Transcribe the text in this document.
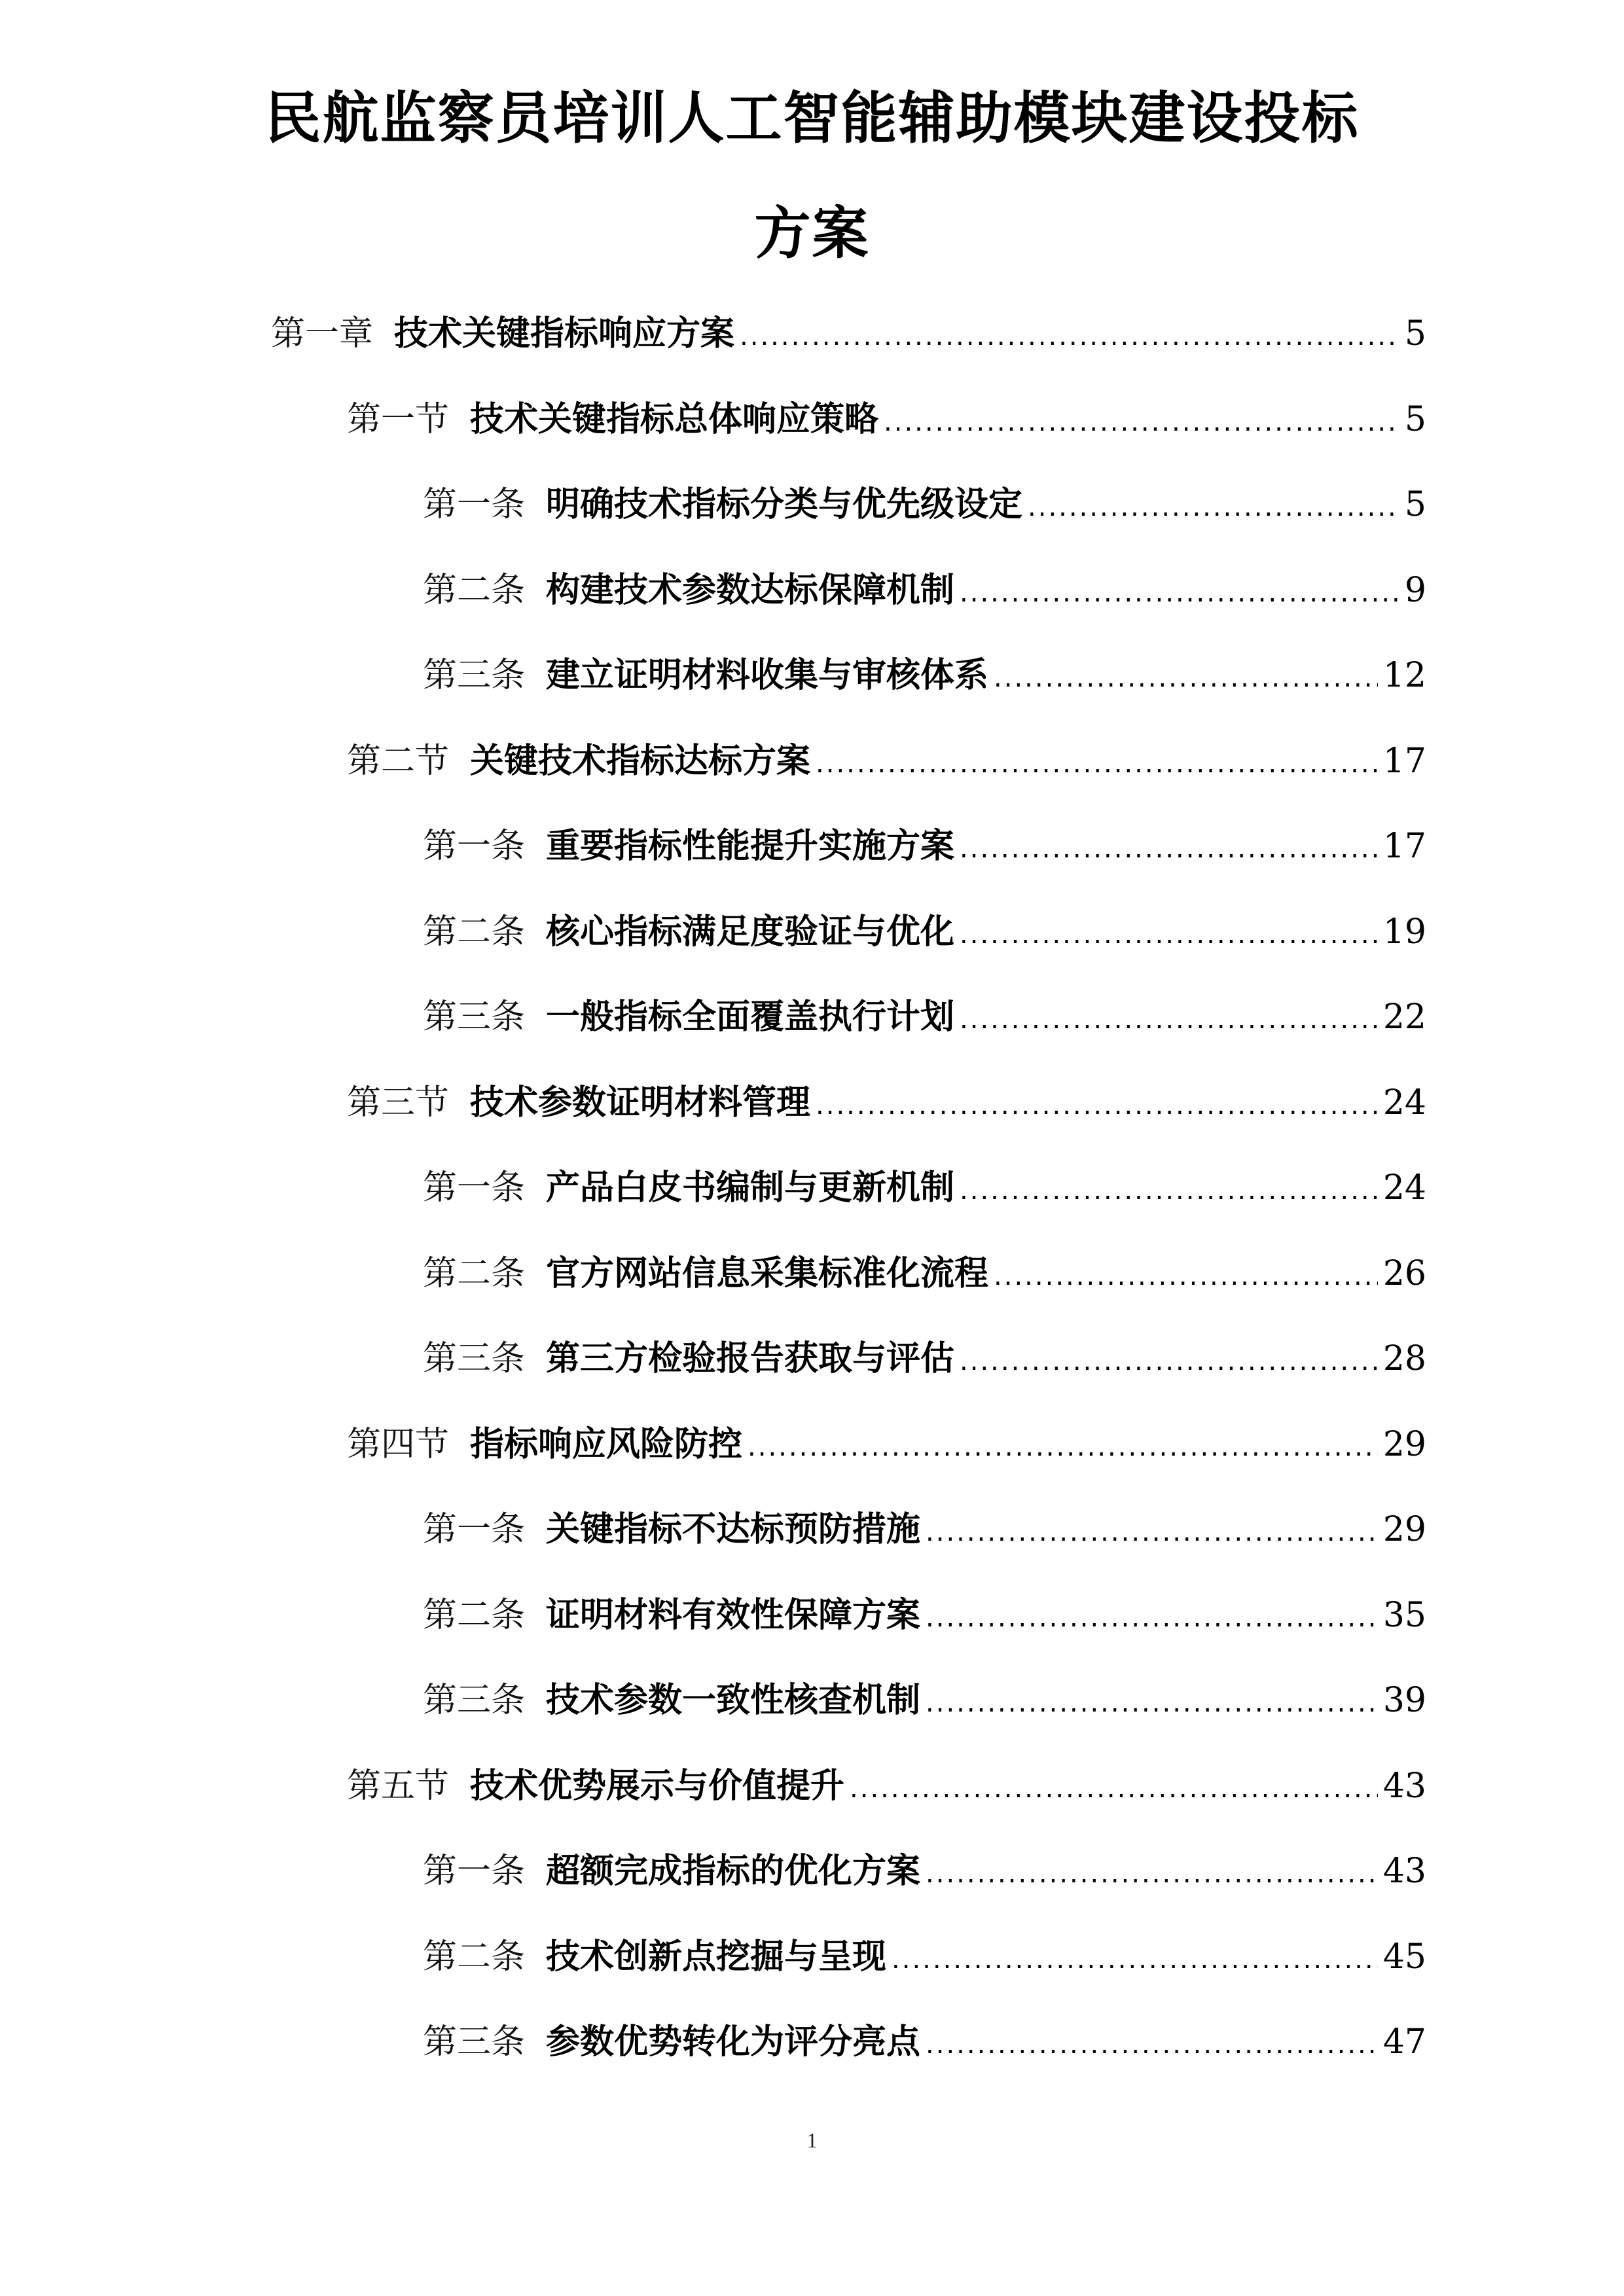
民航监察员培训人工智能辅助模块建设投标
方案
第一章 技术关键指标响应方案 .....	5
第一节 技术关键指标总体响应策略 .....	5
第一条 明确技术指标分类与优先级设定 .....	5
第二条 构建技术参数达标保障机制 .....	9
第三条 建立证明材料收集与审核体系 .....	12
第二节 关键技术指标达标方案 .....	17
第一条 重要指标性能提升实施方案 .....	17
第二条 核心指标满足度验证与优化 .....	19
第三条 一般指标全面覆盖执行计划 .....	22
第三节 技术参数证明材料管理 .....	24
第一条 产品白皮书编制与更新机制 .....	24
第二条 官方网站信息采集标准化流程 .....	26
第三条 第三方检验报告获取与评估 .....	28
第四节 指标响应风险防控 .....	29
第一条 关键指标不达标预防措施 .....	29
第二条 证明材料有效性保障方案 .....	35
第三条 技术参数一致性核查机制 .....	39
第五节 技术优势展示与价值提升 .....	43
第一条 超额完成指标的优化方案 .....	43
第二条 技术创新点挖掘与呈现 .....	45
第三条 参数优势转化为评分亮点 .....	47
1
